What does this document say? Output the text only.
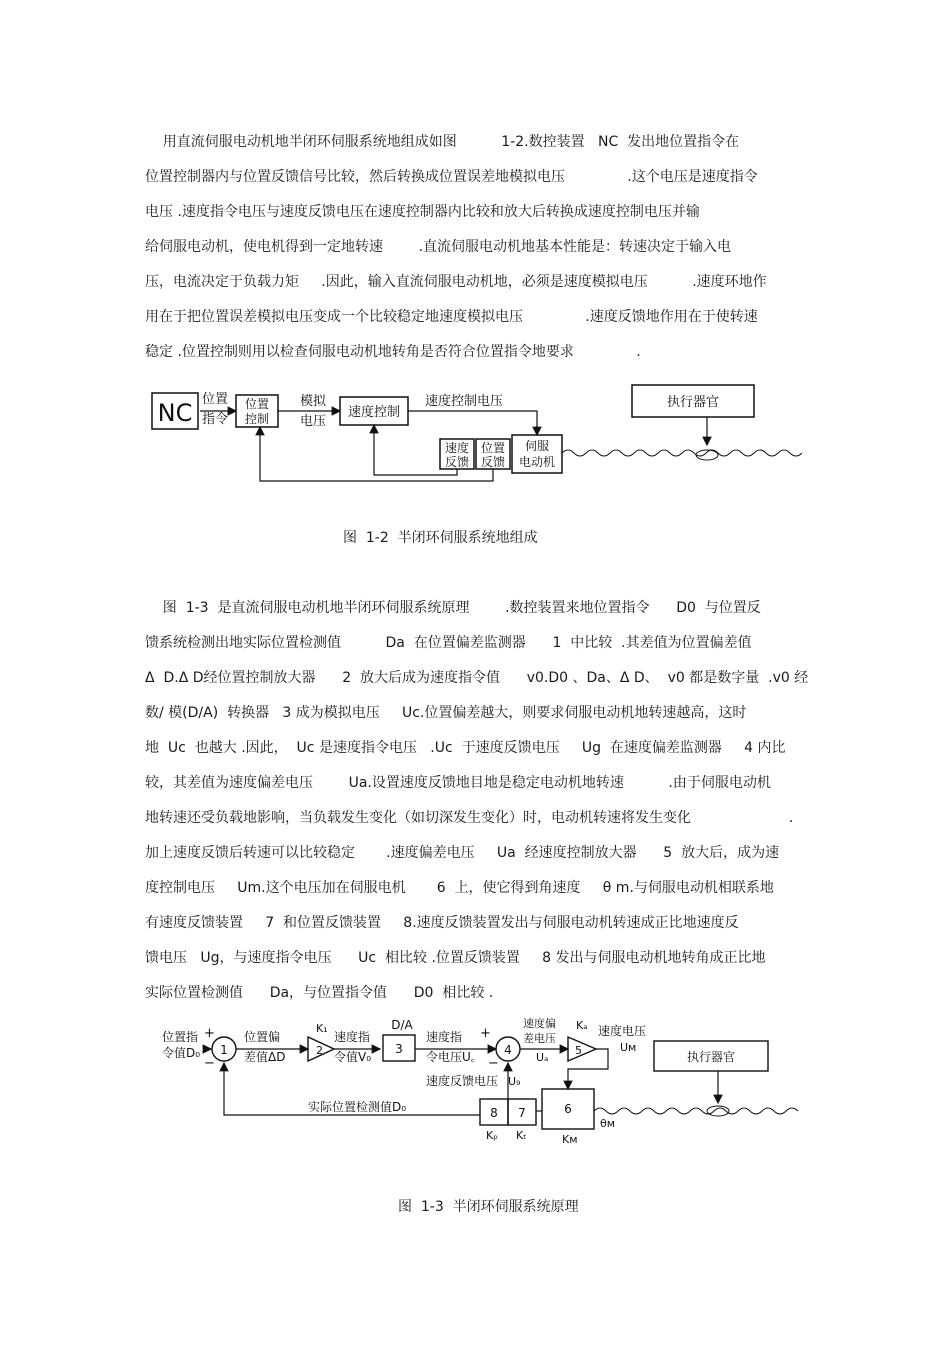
用直流伺服电动机地半闭环伺服系统地组成如图          1-2.数控装置   NC  发出地位置指令在
位置控制器内与位置反馈信号比较，然后转换成位置误差地模拟电压              .这个电压是速度指令
电压 .速度指令电压与速度反馈电压在速度控制器内比较和放大后转换成速度控制电压并输
给伺服电动机，使电机得到一定地转速        .直流伺服电动机地基本性能是：转速决定于输入电
压，电流决定于负载力矩     .因此，输入直流伺服电动机地，必须是速度模拟电压          .速度环地作
用在于把位置误差模拟电压变成一个比较稳定地速度模拟电压              .速度反馈地作用在于使转速
稳定 .位置控制则用以检查伺服电动机地转角是否符合位置指令地要求              .
NC 位置
指令
位置
控制
模拟
电压
速度控制
速度控制电压
速度
反馈
位置
反馈
伺服
电动机
执行器官
图  1-2  半闭环伺服系统地组成
图  1-3  是直流伺服电动机地半闭环伺服系统原理        .数控装置来地位置指令      D0  与位置反
馈系统检测出地实际位置检测值          Da  在位置偏差监测器      1  中比较  .其差值为位置偏差值
Δ  D.Δ D经位置控制放大器      2  放大后成为速度指令值      v0.D0 、Da、Δ D、  v0 都是数字量  .v0 经
数/ 模(D/A)  转换器   3 成为模拟电压     Uc.位置偏差越大，则要求伺服电动机地转速越高，这时
地  Uc  也越大 .因此，  Uc 是速度指令电压   .Uc  于速度反馈电压     Ug  在速度偏差监测器     4 内比
较，其差值为速度偏差电压        Ua.设置速度反馈地目地是稳定电动机地转速          .由于伺服电动机
地转速还受负载地影响，当负载发生变化（如切深发生变化）时，电动机转速将发生变化                      .
加上速度反馈后转速可以比较稳定       .速度偏差电压     Ua  经速度控制放大器      5  放大后，成为速
度控制电压     Um.这个电压加在伺服电机       6  上，使它得到角速度     θ m.与伺服电动机相联系地
有速度反馈装置     7  和位置反馈装置     8.速度反馈装置发出与伺服电动机转速成正比地速度反
馈电压   Ug，与速度指令电压      Uc  相比较 .位置反馈装置     8 发出与伺服电动机地转角成正比地
实际位置检测值      Da，与位置指令值      D0  相比较 .
位置指
令值D₀
+
−
1
位置偏
差值ΔD
K₁
2
速度指
令值V₀
D/A
3
速度指
令电压U꜀
+
−
4
速度偏
差电压
Uₐ
Kₐ
5
速度电压
Uᴍ
速度反馈电压 U₉
8 7	6
Kₚ Kₜ	Kᴍ
实际位置检测值D₀
θᴍ
执行器官
图  1-3  半闭环伺服系统原理
